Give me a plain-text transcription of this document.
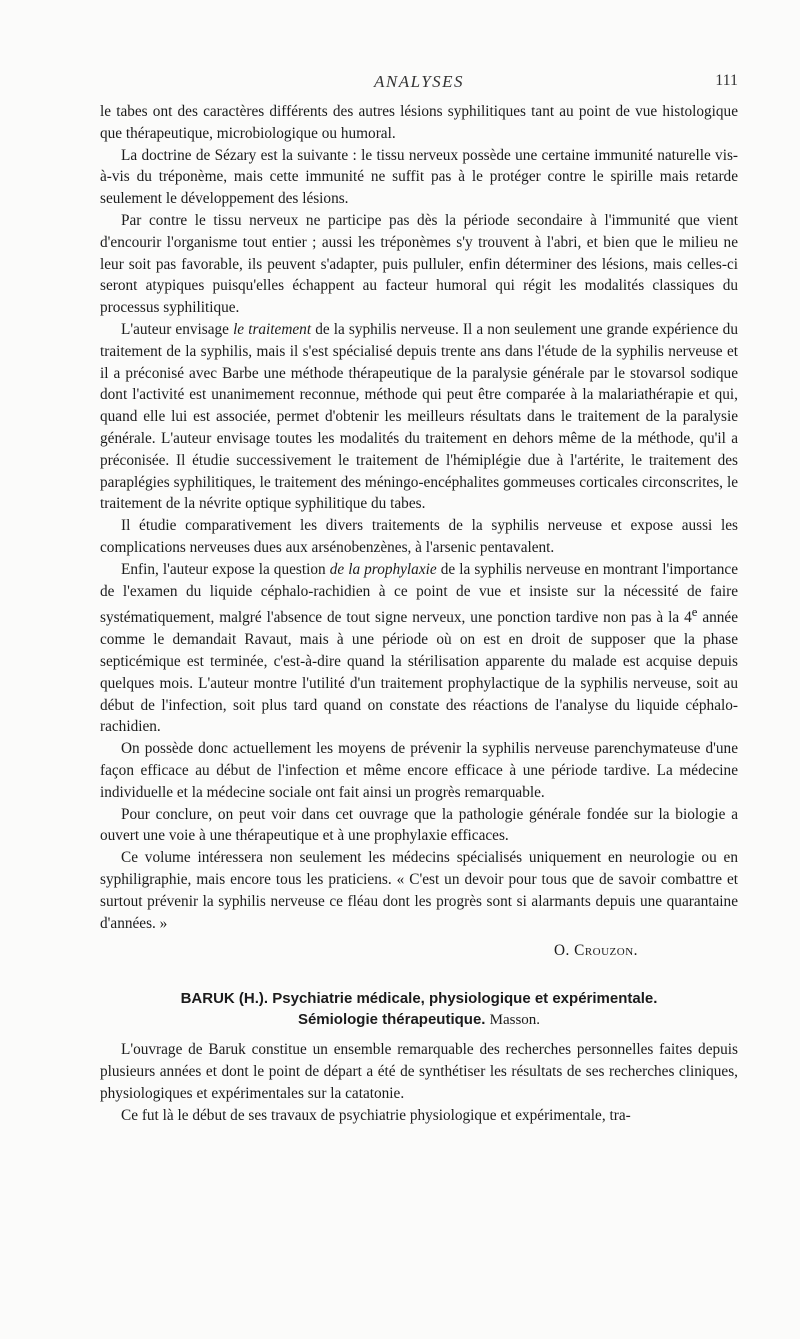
ANALYSES	111

le tabes ont des caractères différents des autres lésions syphilitiques tant au point de vue histologique que thérapeutique, microbiologique ou humoral.

La doctrine de Sézary est la suivante : le tissu nerveux possède une certaine immunité naturelle vis-à-vis du tréponème, mais cette immunité ne suffit pas à le protéger contre le spirille mais retarde seulement le développement des lésions.

Par contre le tissu nerveux ne participe pas dès la période secondaire à l'immunité que vient d'encourir l'organisme tout entier ; aussi les tréponèmes s'y trouvent à l'abri, et bien que le milieu ne leur soit pas favorable, ils peuvent s'adapter, puis pulluler, enfin déterminer des lésions, mais celles-ci seront atypiques puisqu'elles échappent au facteur humoral qui régit les modalités classiques du processus syphilitique.

L'auteur envisage le traitement de la syphilis nerveuse. Il a non seulement une grande expérience du traitement de la syphilis, mais il s'est spécialisé depuis trente ans dans l'étude de la syphilis nerveuse et il a préconisé avec Barbe une méthode thérapeutique de la paralysie générale par le stovarsol sodique dont l'activité est unanimement reconnue, méthode qui peut être comparée à la malariathérapie et qui, quand elle lui est associée, permet d'obtenir les meilleurs résultats dans le traitement de la paralysie générale. L'auteur envisage toutes les modalités du traitement en dehors même de la méthode, qu'il a préconisée. Il étudie successivement le traitement de l'hémiplégie due à l'artérite, le traitement des paraplégies syphilitiques, le traitement des méningo-encéphalites gommeuses corticales circonscrites, le traitement de la névrite optique syphilitique du tabes.

Il étudie comparativement les divers traitements de la syphilis nerveuse et expose aussi les complications nerveuses dues aux arsénobenzènes, à l'arsenic pentavalent.

Enfin, l'auteur expose la question de la prophylaxie de la syphilis nerveuse en montrant l'importance de l'examen du liquide céphalo-rachidien à ce point de vue et insiste sur la nécessité de faire systématiquement, malgré l'absence de tout signe nerveux, une ponction tardive non pas à la 4e année comme le demandait Ravaut, mais à une période où on est en droit de supposer que la phase septicémique est terminée, c'est-à-dire quand la stérilisation apparente du malade est acquise depuis quelques mois. L'auteur montre l'utilité d'un traitement prophylactique de la syphilis nerveuse, soit au début de l'infection, soit plus tard quand on constate des réactions de l'analyse du liquide céphalo-rachidien.

On possède donc actuellement les moyens de prévenir la syphilis nerveuse parenchymateuse d'une façon efficace au début de l'infection et même encore efficace à une période tardive. La médecine individuelle et la médecine sociale ont fait ainsi un progrès remarquable.

Pour conclure, on peut voir dans cet ouvrage que la pathologie générale fondée sur la biologie a ouvert une voie à une thérapeutique et à une prophylaxie efficaces.

Ce volume intéressera non seulement les médecins spécialisés uniquement en neurologie ou en syphiligraphie, mais encore tous les praticiens. « C'est un devoir pour tous que de savoir combattre et surtout prévenir la syphilis nerveuse ce fléau dont les progrès sont si alarmants depuis une quarantaine d'années. »

O. Crouzon.
BARUK (H.). Psychiatrie médicale, physiologique et expérimentale.
Sémiologie thérapeutique. Masson.

L'ouvrage de Baruk constitue un ensemble remarquable des recherches personnelles faites depuis plusieurs années et dont le point de départ a été de synthétiser les résultats de ses recherches cliniques, physiologiques et expérimentales sur la catatonie.

Ce fut là le début de ses travaux de psychiatrie physiologique et expérimentale, tra-
